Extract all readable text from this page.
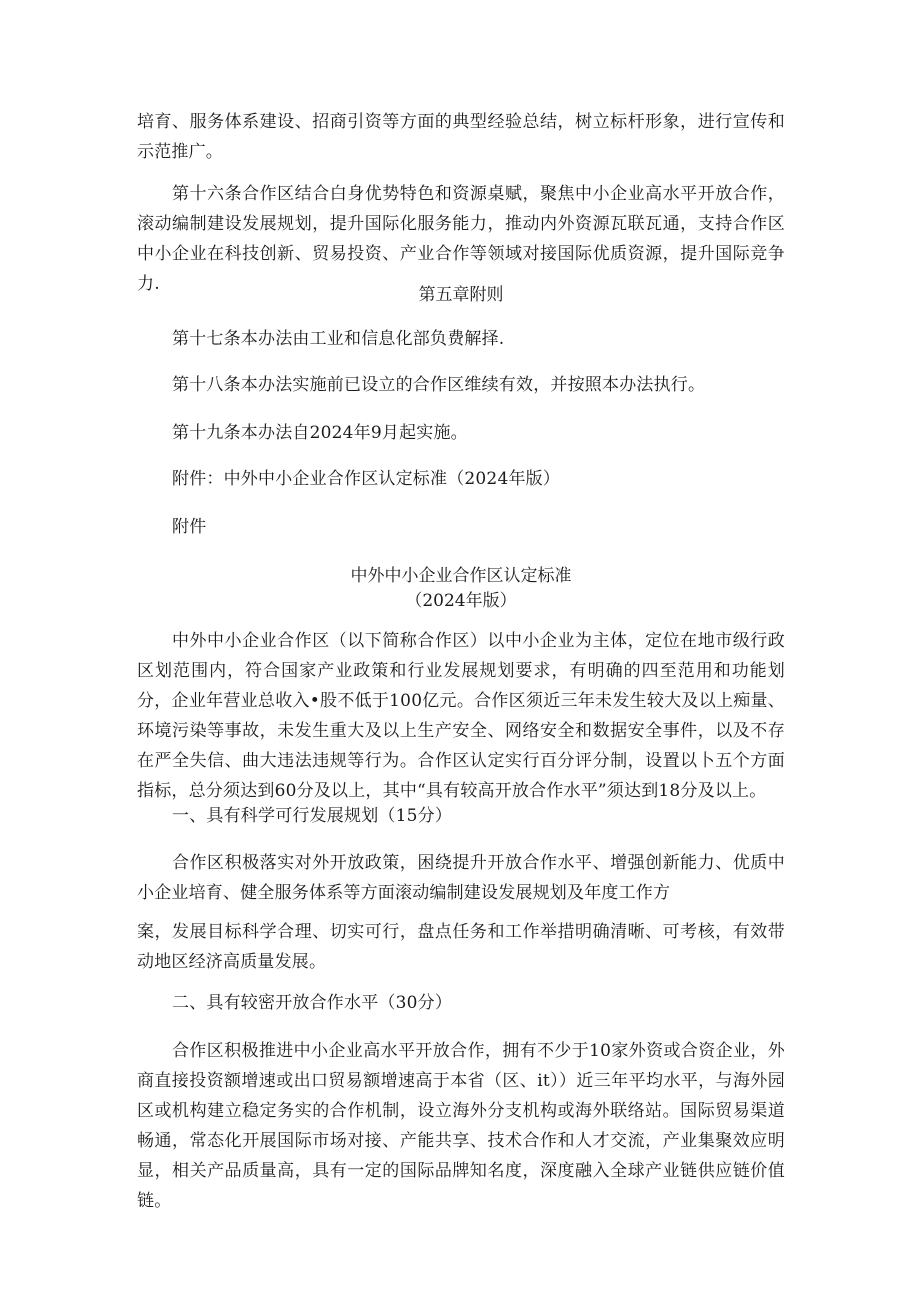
培育、服务体系建设、招商引资等方面的典型经验总结，树立标杆形象，进行宣传和示范推广。

第十六条合作区结合白身优势特色和资源桌赋，聚焦中小企业高水平开放合作，滚动编制建设发展规划，提升国际化服务能力，推动内外资源瓦联瓦通，支持合作区中小企业在科技创新、贸易投资、产业合作等领域对接国际优质资源，提升国际竞争力.

第五章附则

第十七条本办法由工业和信息化部负费解择.

第十八条本办法实施前已设立的合作区维续有效，并按照本办法执行。

第十九条本办法自2024年9月起实施。

附件：中外中小企业合作区认定标准（2024年版）

附件

中外中小企业合作区认定标准

（2024年版）

中外中小企业合作区（以下简称合作区）以中小企业为主体，定位在地市级行政区划范围内，符合国家产业政策和行业发展规划要求，有明确的四至范用和功能划分，企业年营业总收入•股不低于100亿元。合作区须近三年未发生较大及以上痴量、环境污染等事故，未发生重大及以上生产安全、网络安全和数据安全事件，以及不存在严全失信、曲大违法违规等行为。合作区认定实行百分评分制，设置以卜五个方面指标，总分须达到60分及以上，其中“具有较高开放合作水平”须达到18分及以上。

一、具有科学可行发展规划（15分）

合作区积极落实对外开放政策，困绕提升开放合作水平、增强创新能力、优质中小企业培育、健全服务体系等方面滚动编制建设发展规划及年度工作方

案，发展目标科学合理、切实可行，盘点任务和工作举措明确清晰、可考核，有效带动地区经济高质量发展。

二、具有较密开放合作水平（30分）

合作区积极推进中小企业高水平开放合作，拥有不少于10家外资或合资企业，外商直接投资额增速或出口贸易额增速高于本省（区、it））近三年平均水平，与海外园区或机构建立稳定务实的合作机制，设立海外分支机构或海外联络站。国际贸易渠道畅通，常态化开展国际市场对接、产能共享、技术合作和人才交流，产业集聚效应明显，相关产品质量高，具有一定的国际品牌知名度，深度融入全球产业链供应链价值链。
